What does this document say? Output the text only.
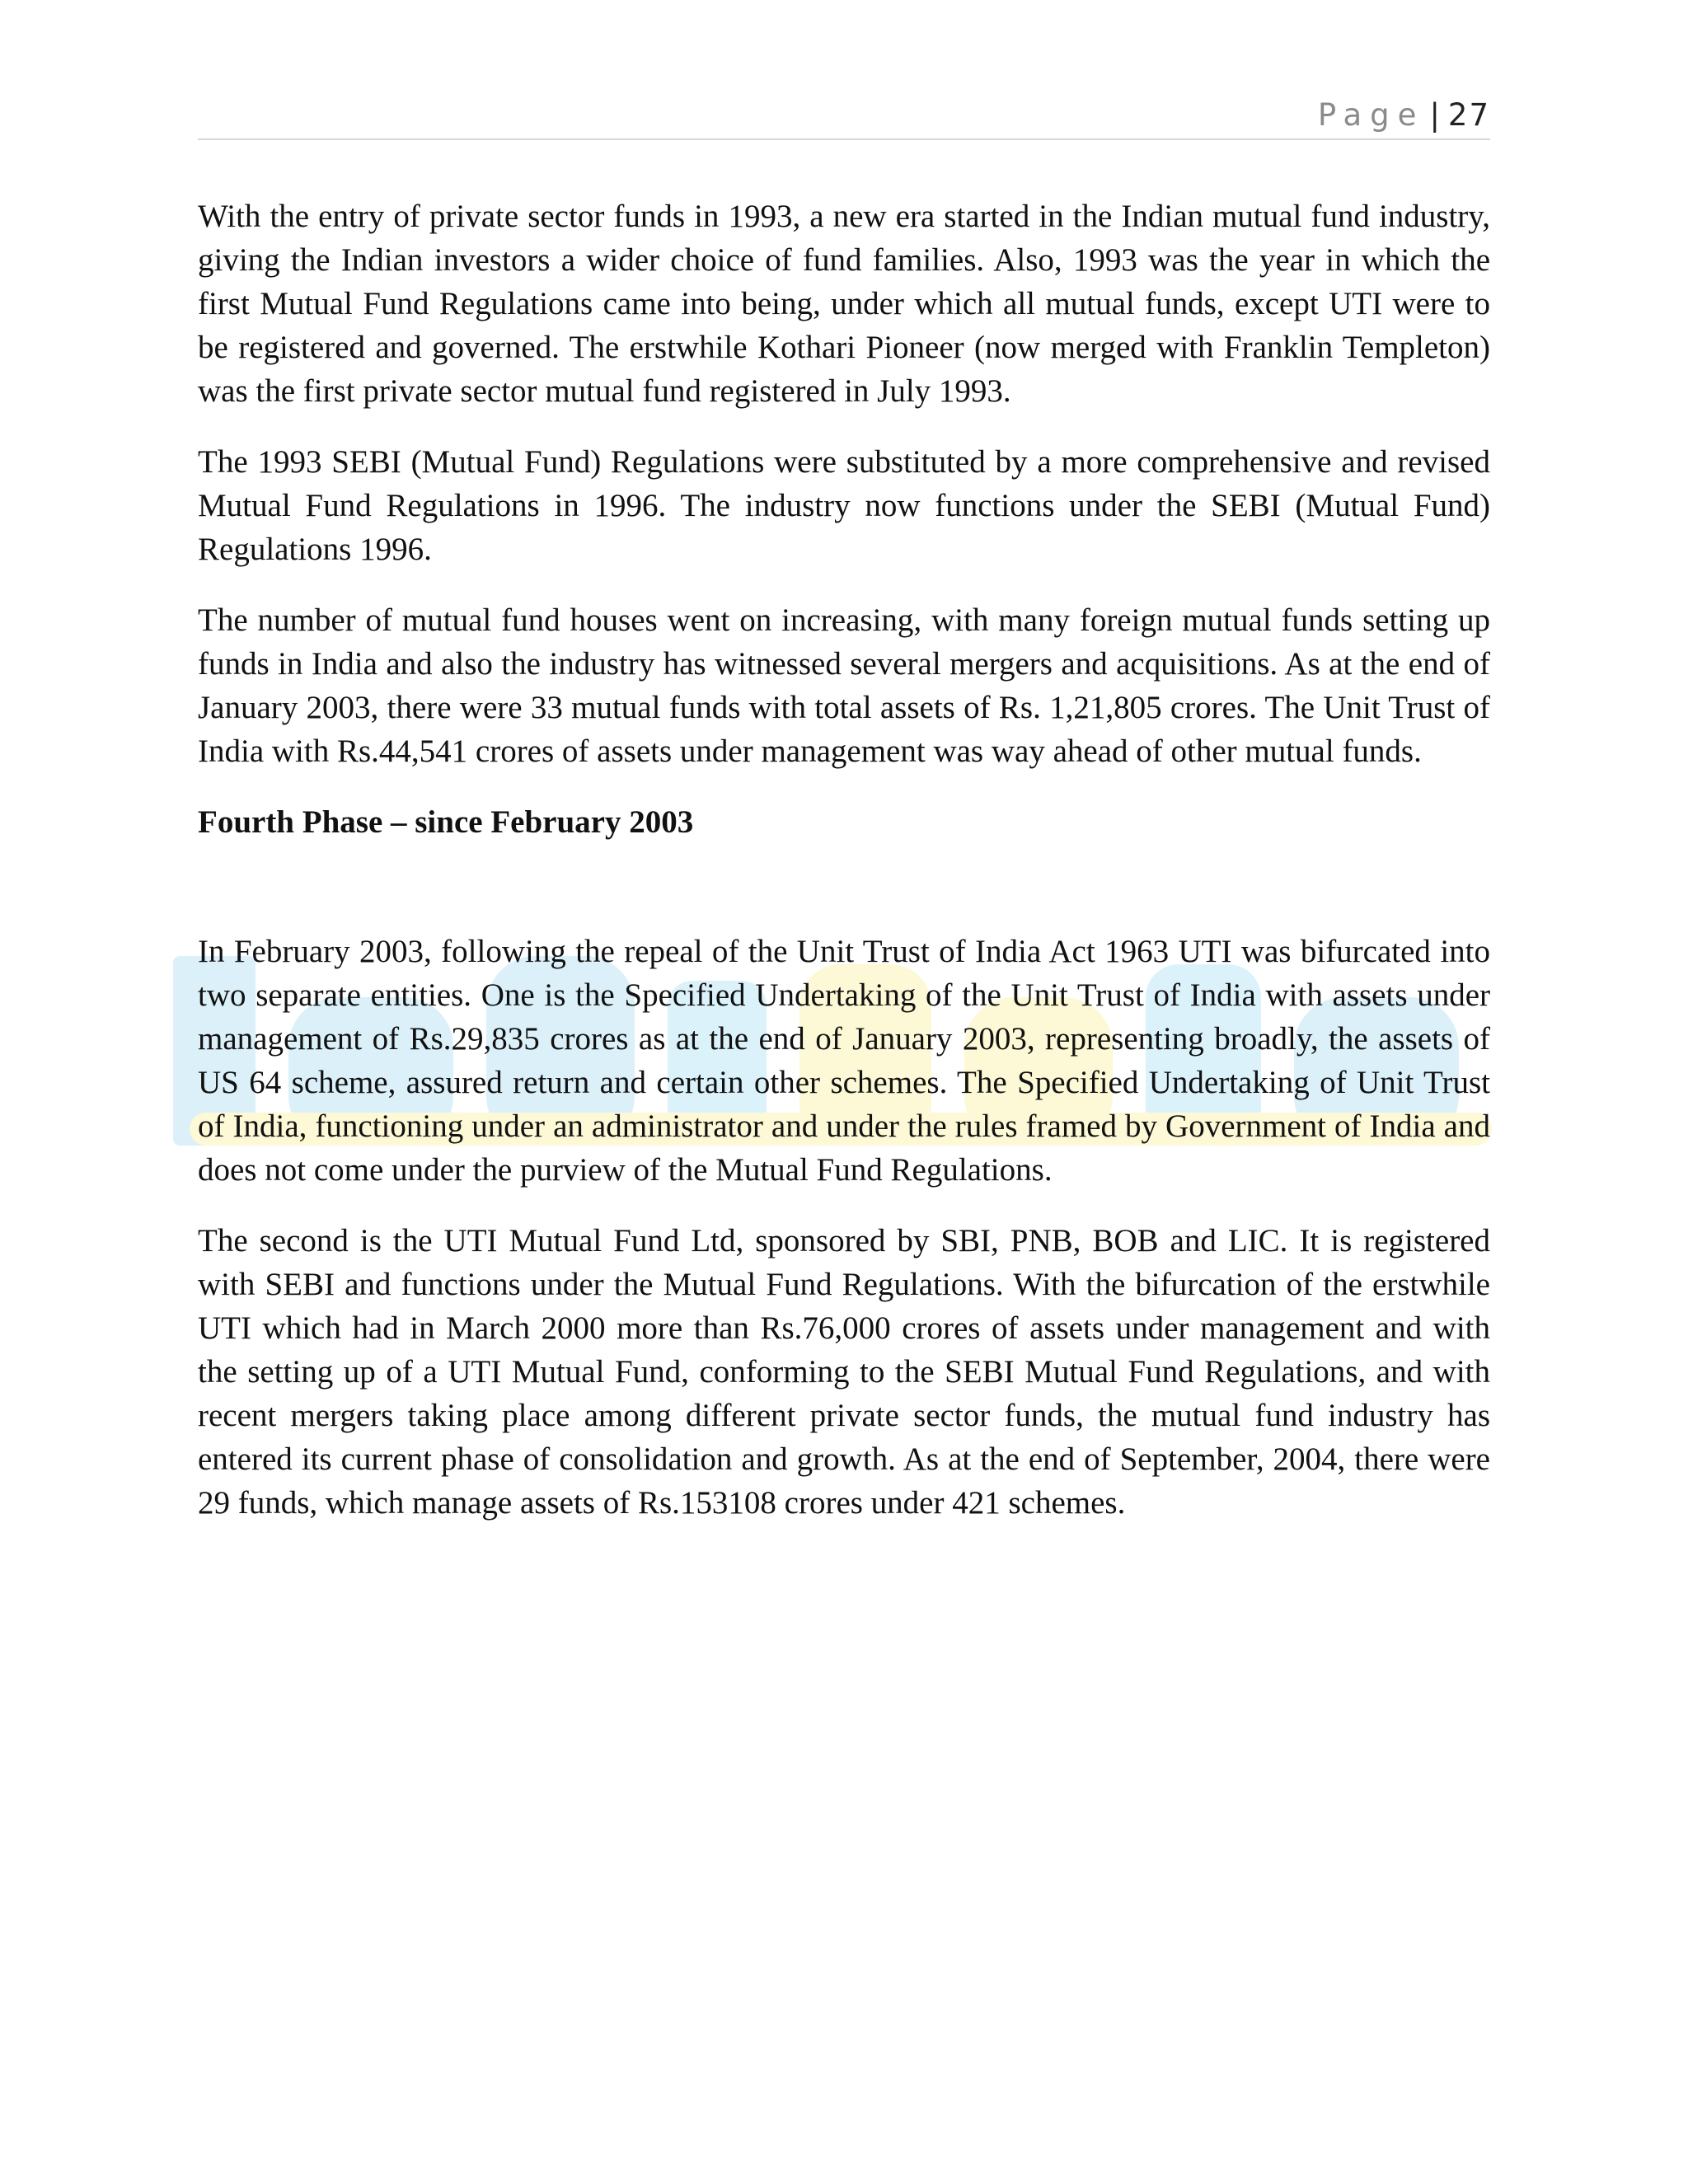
Page | 27

With the entry of private sector funds in 1993, a new era started in the Indian mutual fund industry, giving the Indian investors a wider choice of fund families. Also, 1993 was the year in which the first Mutual Fund Regulations came into being, under which all mutual funds, except UTI were to be registered and governed. The erstwhile Kothari Pioneer (now merged with Franklin Templeton) was the first private sector mutual fund registered in July 1993.

The 1993 SEBI (Mutual Fund) Regulations were substituted by a more comprehensive and revised Mutual Fund Regulations in 1996. The industry now functions under the SEBI (Mutual Fund) Regulations 1996.

The number of mutual fund houses went on increasing, with many foreign mutual funds setting up funds in India and also the industry has witnessed several mergers and acquisitions. As at the end of January 2003, there were 33 mutual funds with total assets of Rs. 1,21,805 crores. The Unit Trust of India with Rs.44,541 crores of assets under management was way ahead of other mutual funds.

Fourth Phase – since February 2003

In February 2003, following the repeal of the Unit Trust of India Act 1963 UTI was bifurcated into two separate entities. One is the Specified Undertaking of the Unit Trust of India with assets under management of Rs.29,835 crores as at the end of January 2003, representing broadly, the assets of US 64 scheme, assured return and certain other schemes. The Specified Undertaking of Unit Trust of India, functioning under an administrator and under the rules framed by Government of India and does not come under the purview of the Mutual Fund Regulations.

The second is the UTI Mutual Fund Ltd, sponsored by SBI, PNB, BOB and LIC. It is registered with SEBI and functions under the Mutual Fund Regulations. With the bifurcation of the erstwhile UTI which had in March 2000 more than Rs.76,000 crores of assets under management and with the setting up of a UTI Mutual Fund, conforming to the SEBI Mutual Fund Regulations, and with recent mergers taking place among different private sector funds, the mutual fund industry has entered its current phase of consolidation and growth. As at the end of September, 2004, there were 29 funds, which manage assets of Rs.153108 crores under 421 schemes.
